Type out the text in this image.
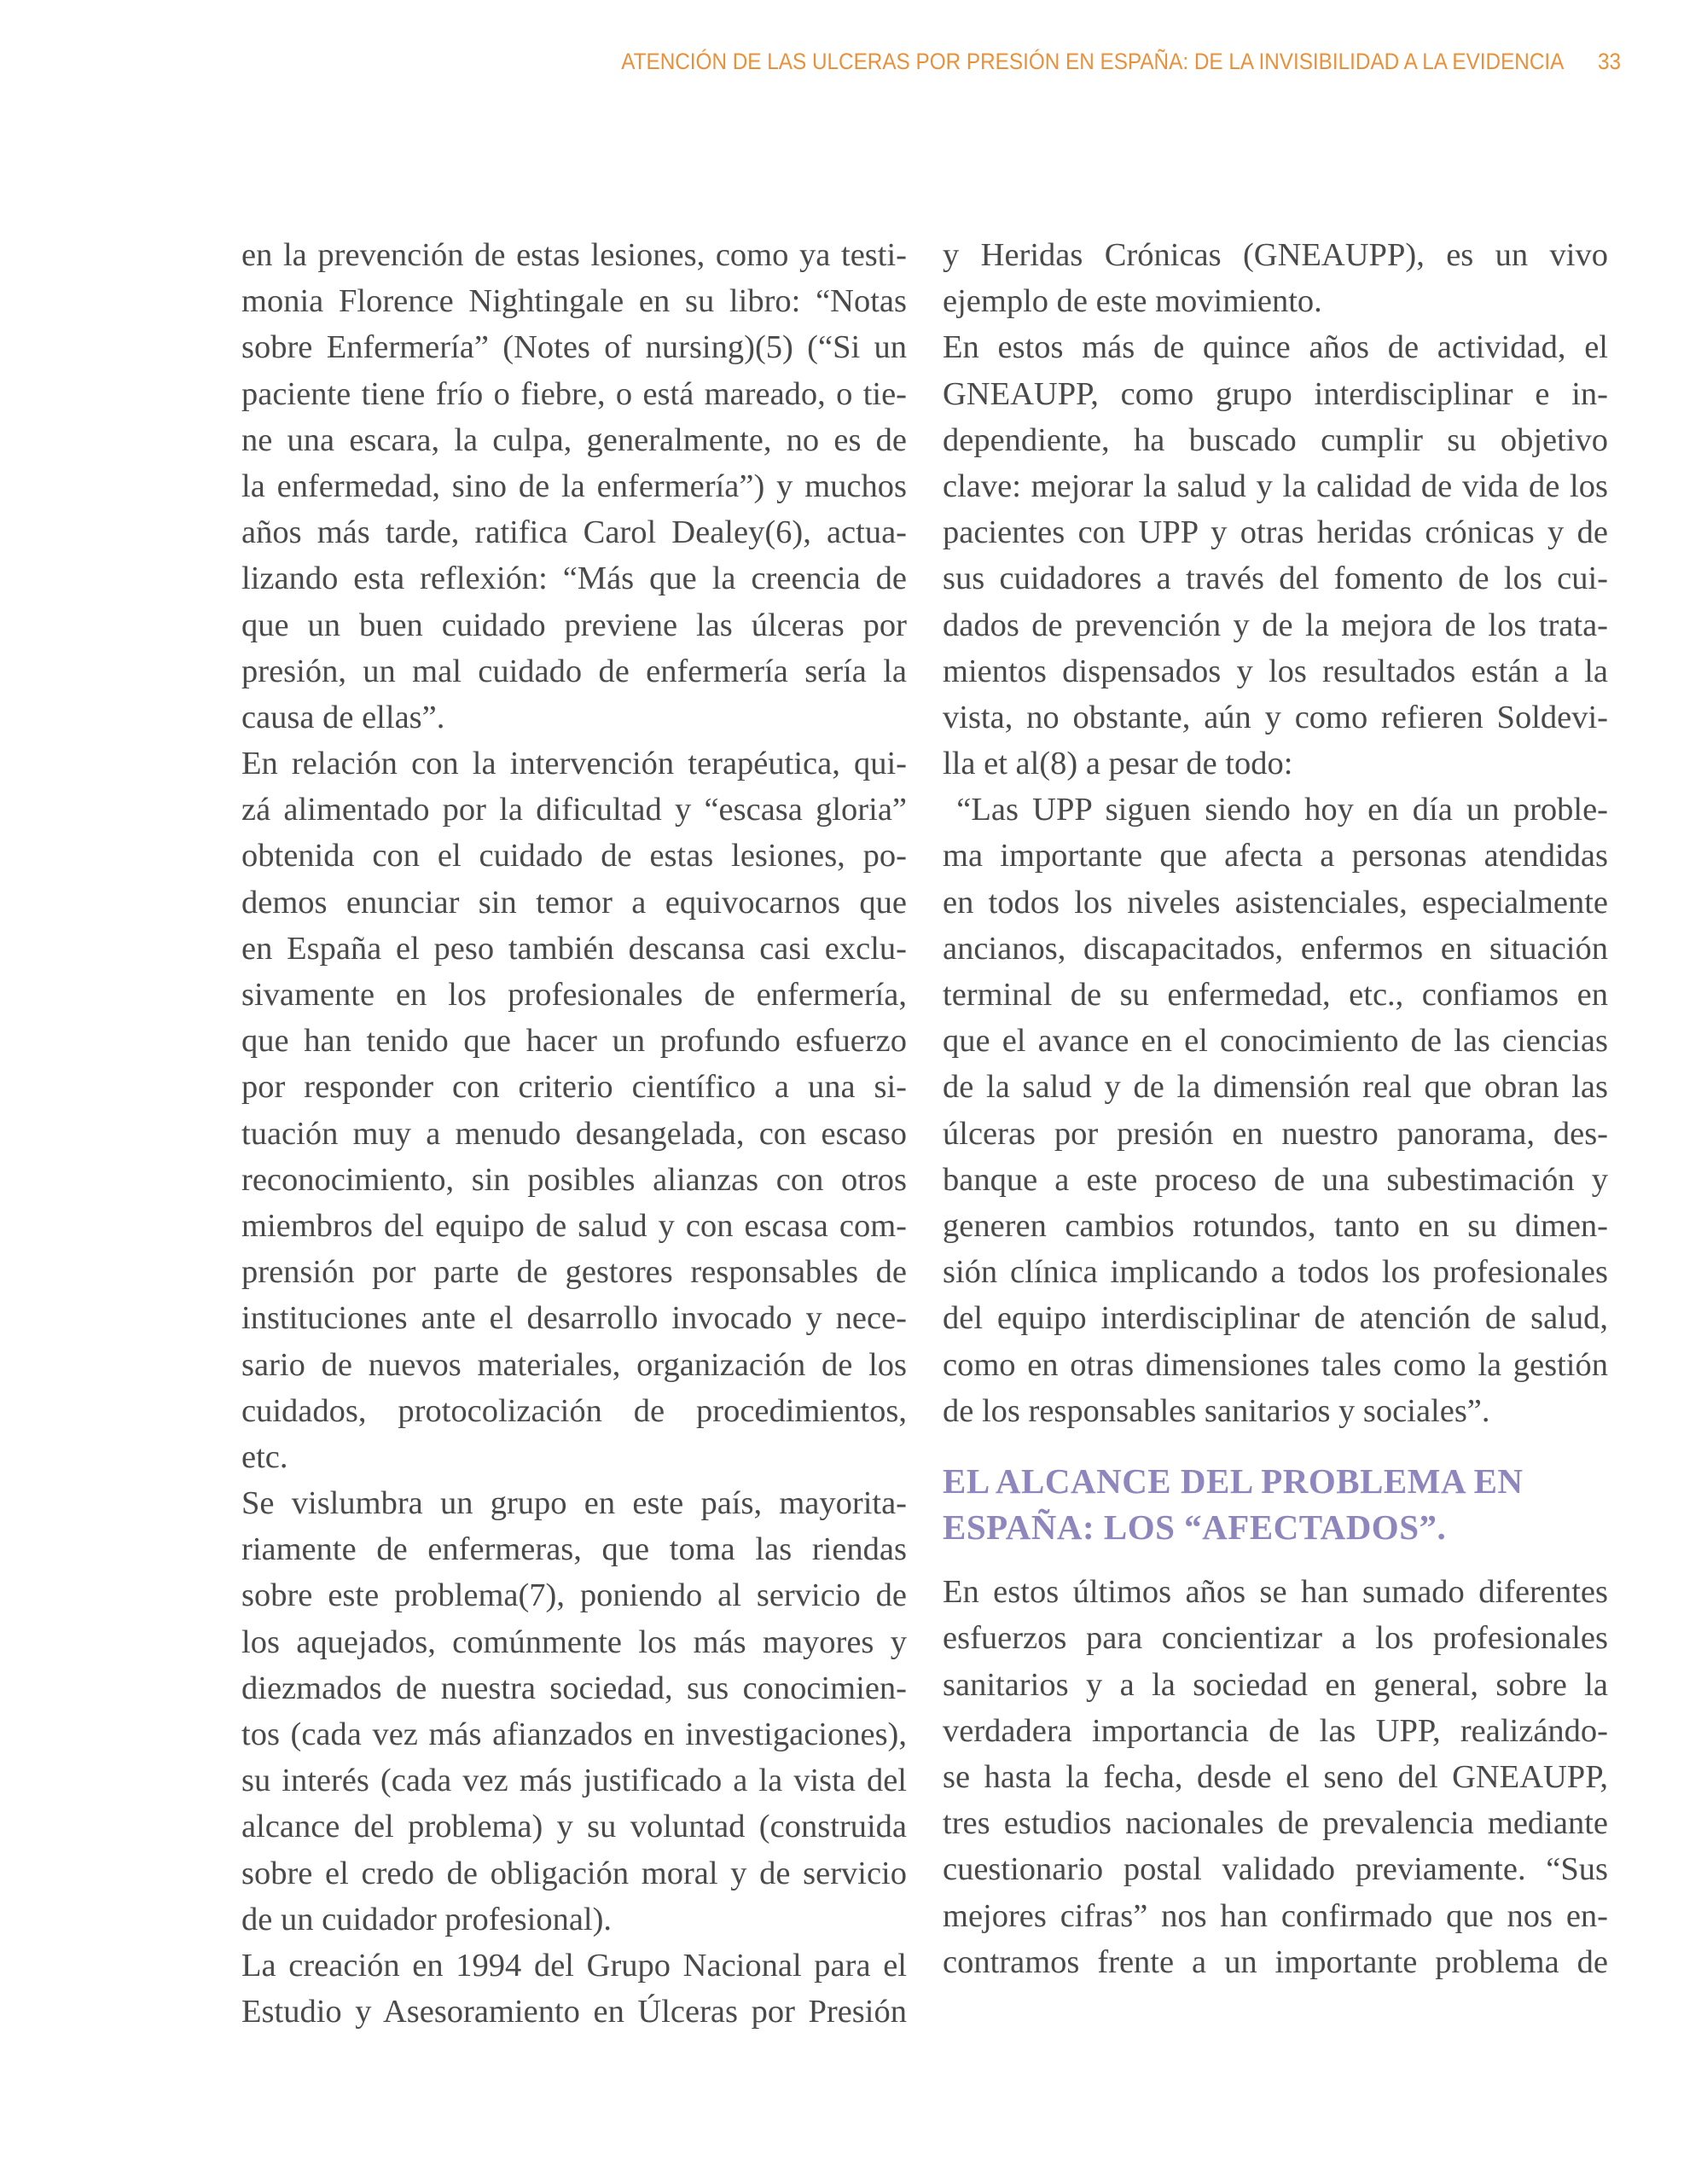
ATENCIÓN DE LAS ULCERAS POR PRESIÓN EN ESPAÑA: DE LA INVISIBILIDAD A LA EVIDENCIA 33

en la prevención de estas lesiones, como ya testi-
monia Florence Nightingale en su libro: “Notas
sobre Enfermería” (Notes of nursing)(5) (“Si un
paciente tiene frío o fiebre, o está mareado, o tie-
ne una escara, la culpa, generalmente, no es de
la enfermedad, sino de la enfermería”) y muchos
años más tarde, ratifica Carol Dealey(6), actua-
lizando esta reflexión: “Más que la creencia de
que un buen cuidado previene las úlceras por
presión, un mal cuidado de enfermería sería la
causa de ellas”.

En relación con la intervención terapéutica, qui-
zá alimentado por la dificultad y “escasa gloria”
obtenida con el cuidado de estas lesiones, po-
demos enunciar sin temor a equivocarnos que
en España el peso también descansa casi exclu-
sivamente en los profesionales de enfermería,
que han tenido que hacer un profundo esfuerzo
por responder con criterio científico a una si-
tuación muy a menudo desangelada, con escaso
reconocimiento, sin posibles alianzas con otros
miembros del equipo de salud y con escasa com-
prensión por parte de gestores responsables de
instituciones ante el desarrollo invocado y nece-
sario de nuevos materiales, organización de los
cuidados, protocolización de procedimientos,
etc.

Se vislumbra un grupo en este país, mayorita-
riamente de enfermeras, que toma las riendas
sobre este problema(7), poniendo al servicio de
los aquejados, comúnmente los más mayores y
diezmados de nuestra sociedad, sus conocimien-
tos (cada vez más afianzados en investigaciones),
su interés (cada vez más justificado a la vista del
alcance del problema) y su voluntad (construida
sobre el credo de obligación moral y de servicio
de un cuidador profesional).

La creación en 1994 del Grupo Nacional para el
Estudio y Asesoramiento en Úlceras por Presión

y Heridas Crónicas (GNEAUPP), es un vivo
ejemplo de este movimiento.

En estos más de quince años de actividad, el
GNEAUPP, como grupo interdisciplinar e in-
dependiente, ha buscado cumplir su objetivo
clave: mejorar la salud y la calidad de vida de los
pacientes con UPP y otras heridas crónicas y de
sus cuidadores a través del fomento de los cui-
dados de prevención y de la mejora de los trata-
mientos dispensados y los resultados están a la
vista, no obstante, aún y como refieren Soldevi-
lla et al(8) a pesar de todo:

“Las UPP siguen siendo hoy en día un proble-
ma importante que afecta a personas atendidas
en todos los niveles asistenciales, especialmente
ancianos, discapacitados, enfermos en situación
terminal de su enfermedad, etc., confiamos en
que el avance en el conocimiento de las ciencias
de la salud y de la dimensión real que obran las
úlceras por presión en nuestro panorama, des-
banque a este proceso de una subestimación y
generen cambios rotundos, tanto en su dimen-
sión clínica implicando a todos los profesionales
del equipo interdisciplinar de atención de salud,
como en otras dimensiones tales como la gestión
de los responsables sanitarios y sociales”.

EL ALCANCE DEL PROBLEMA EN
ESPAÑA: LOS “AFECTADOS”.

En estos últimos años se han sumado diferentes
esfuerzos para concientizar a los profesionales
sanitarios y a la sociedad en general, sobre la
verdadera importancia de las UPP, realizándo-
se hasta la fecha, desde el seno del GNEAUPP,
tres estudios nacionales de prevalencia mediante
cuestionario postal validado previamente. “Sus
mejores cifras” nos han confirmado que nos en-
contramos frente a un importante problema de
